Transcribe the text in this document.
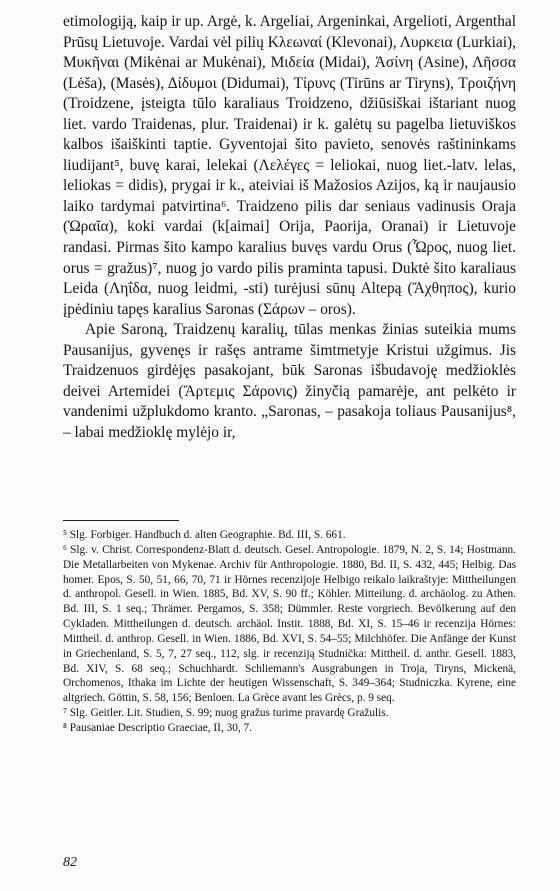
etimologiją, kaip ir up. Argė, k. Argeliai, Argeninkai, Argelioti, Argenthal Prūsų Lietuvoje. Vardai vėl pilių Κλεωναί (Klevonai), Λυρκεια (Lurkiai), Μυκῆναι (Mikėnai ar Mukėnai), Μιδεία (Midai), Ἀσίνη (Asine), Λῆσσα (Lėša), (Masės), Δίδυμοι (Didumai), Τίρυνς (Tirūns ar Tiryns), Τροιζήνη (Troidzene, įsteigta tūlo karaliaus Troidzeno, džiūsiškai ištariant nuog liet. vardo Traidenas, plur. Traidenai) ir k. galėtų su pagelba lietuviškos kalbos išaiškinti taptie. Gyventojai šito pavieto, senovės raštininkams liudijant⁵, buvę karai, lelekai (Λελέγες = leliokai, nuog liet.-latv. lelas, leliokas = didis), prygai ir k., ateiviai iš Mažosios Azijos, ką ir naujausio laiko tardymai patvirtina⁶. Traidzeno pilis dar seniaus vadinusis Oraja (Ὡραῖα), koki vardai (k[aimai] Orija, Paorija, Oranai) ir Lietuvoje randasi. Pirmas šito kampo karalius buvęs vardu Orus (Ὧρος, nuog liet. orus = gražus)⁷, nuog jo vardo pilis praminta tapusi. Duktė šito karaliaus Leida (Ληΐδα, nuog leidmi, -sti) turėjusi sūnų Altepą (Ἄχθηπος), kurio įpėdiniu tapęs karalius Saronas (Σάρων – oros).

Apie Saroną, Traidzenų karalių, tūlas menkas žinias suteikia mums Pausanijus, gyvenęs ir rašęs antrame šimtmetyje Kristui užgimus. Jis Traidzenuos girdėjęs pasakojant, būk Saronas išbudavoję medžioklės deivei Artemidei (Ἄρτεμις Σάρονις) žinyčią pamarėje, ant pelkėto ir vandenimi užplukdomo kranto. „Saronas, – pasakoja toliaus Pausanijus⁸, – labai medžioklę mylėjo ir,

⁵ Slg. Forbiger. Handbuch d. alten Geographie. Bd. III, S. 661.

⁶ Slg. v. Christ. Correspondenz-Blatt d. deutsch. Gesel. Antropologie. 1879, N. 2, S. 14; Hostmann. Die Metallarbeiten von Mykenae. Archiv für Anthropologie. 1880, Bd. II, S. 432, 445; Helbig. Das homer. Epos, S. 50, 51, 66, 70, 71 ir Hörnes recenzijoje Helbigo reikalo laikraštyje: Mittheilungen d. anthropol. Gesell. in Wien. 1885, Bd. XV, S. 90 ff.; Köhler. Mitteilung. d. archäolog. zu Athen. Bd. III, S. 1 seq.; Thrämer. Pergamos, S. 358; Dümmler. Reste vorgriech. Bevölkerung auf den Cykladen. Mittheilungen d. deutsch. archäol. Instit. 1888, Bd. XI, S. 15–46 ir recenzija Hörnes: Mittheil. d. anthrop. Gesell. in Wien. 1886, Bd. XVI, S. 54–55; Milchhöfer. Die Anfänge der Kunst in Griechenland, S. 5, 7, 27 seq., 112, slg. ir recenziją Studnička: Mittheil. d. anthr. Gesell. 1883, Bd. XIV, S. 68 seq.; Schuchhardt. Schliemann's Ausgrabungen in Troja, Tiryns, Mickenä, Orchomenos, Ithaka im Lichte der heutigen Wissenschaft, S. 349–364; Studniczka. Kyrene, eine altgriech. Göttin, S. 58, 156; Benloen. La Grèce avant les Grècs, p. 9 seq.

⁷ Slg. Geitler. Lit. Studien, S. 99; nuog gražus turime pravardę Gražulis.

⁸ Pausaniae Descriptio Graeciae, II, 30, 7.

82
